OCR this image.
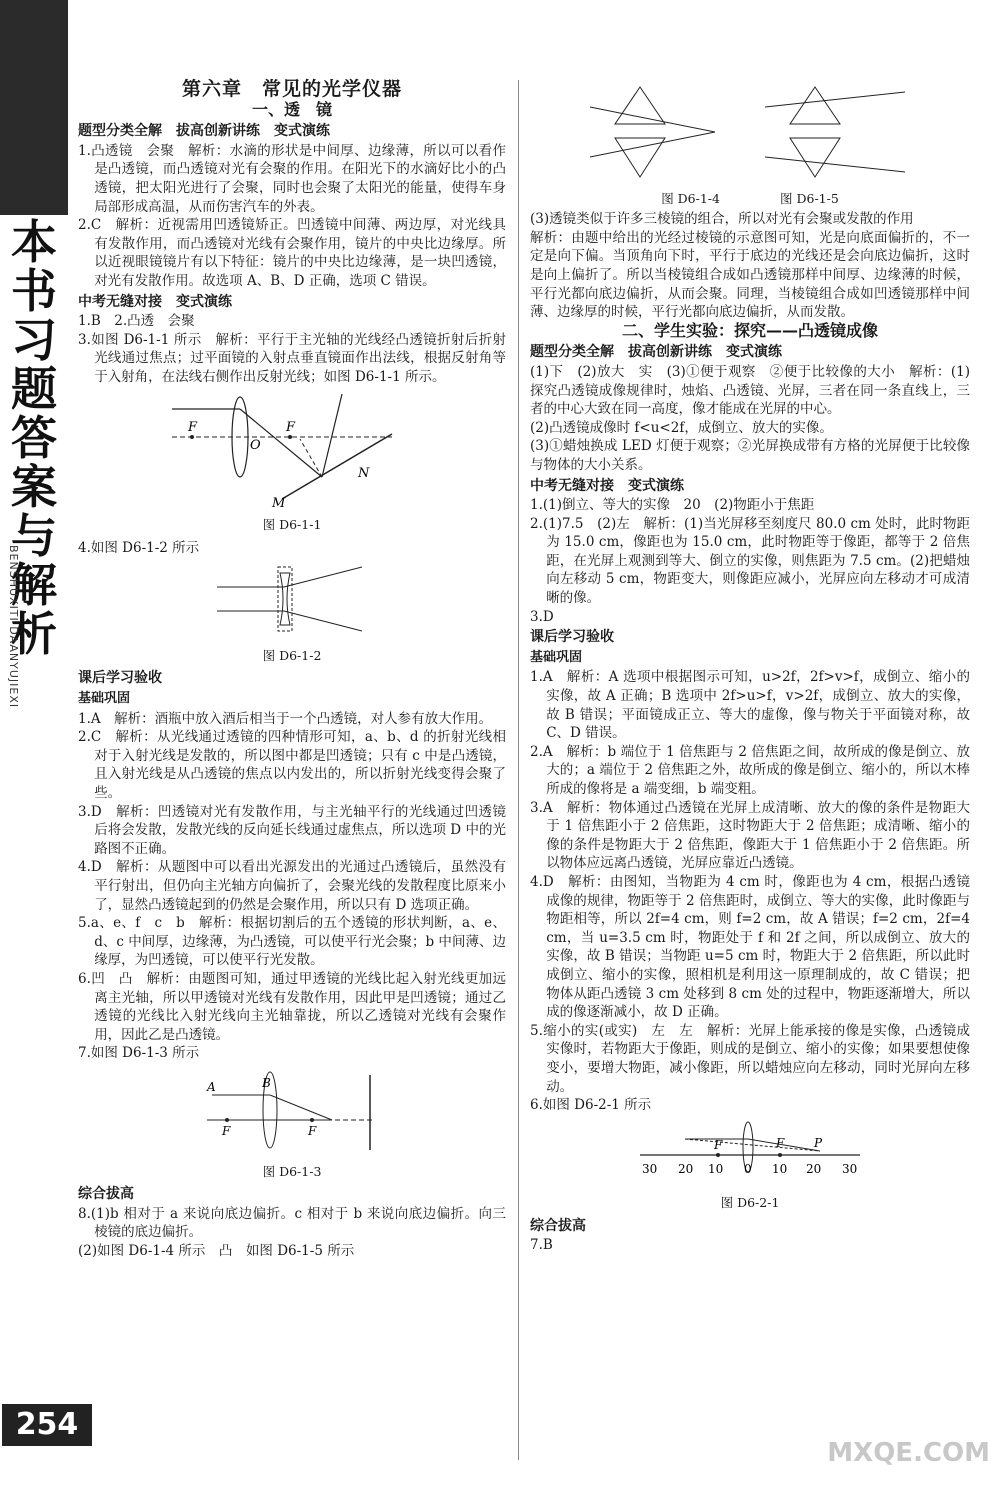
本
书
习
题
答
案
与
解
析
BENSHUXITI DAANYUJIEXI
254
第六章　常见的光学仪器
一、透　镜
题型分类全解　拔高创新讲练　变式演练

1.凸透镜　会聚　解析：水滴的形状是中间厚、边缘薄，所以可以看作是凸透镜，而凸透镜对光有会聚的作用。在阳光下的水滴好比小的凸透镜，把太阳光进行了会聚，同时也会聚了太阳光的能量，使得车身局部形成高温，从而伤害汽车的外表。

2.C　解析：近视需用凹透镜矫正。凹透镜中间薄、两边厚，对光线具有发散作用，而凸透镜对光线有会聚作用，镜片的中央比边缘厚。所以近视眼镜镜片有以下特征：镜片的中央比边缘薄，是一块凹透镜，对光有发散作用。故选项 A、B、D 正确，选项 C 错误。

中考无缝对接　变式演练

1.B　2.凸透　会聚

3.如图 D6-1-1 所示　解析：平行于主光轴的光线经凸透镜折射后折射光线通过焦点；过平面镜的入射点垂直镜面作出法线，根据反射角等于入射角，在法线右侧作出反射光线；如图 D6-1-1 所示。

F
O
F
N
M
图 D6-1-1

4.如图 D6-1-2 所示

图 D6-1-2
课后学习验收
基础巩固

1.A　解析：酒瓶中放入酒后相当于一个凸透镜，对人参有放大作用。

2.C　解析：从光线通过透镜的四种情形可知，a、b、d 的折射光线相对于入射光线是发散的，所以图中都是凹透镜；只有 c 中是凸透镜，且入射光线是从凸透镜的焦点以内发出的，所以折射光线变得会聚了些。

3.D　解析：凹透镜对光有发散作用，与主光轴平行的光线通过凹透镜后将会发散，发散光线的反向延长线通过虚焦点，所以选项 D 中的光路图不正确。

4.D　解析：从题图中可以看出光源发出的光通过凸透镜后，虽然没有平行射出，但仍向主光轴方向偏折了，会聚光线的发散程度比原来小了，显然凸透镜起到的仍然是会聚作用，所以只有 D 选项正确。

5.a、e、f　c　b　解析：根据切割后的五个透镜的形状判断，a、e、d、c 中间厚，边缘薄，为凸透镜，可以使平行光会聚；b 中间薄、边缘厚，为凹透镜，可以使平行光发散。

6.凹　凸　解析：由题图可知，通过甲透镜的光线比起入射光线更加远离主光轴，所以甲透镜对光线有发散作用，因此甲是凹透镜；通过乙透镜的光线比入射光线向主光轴靠拢，所以乙透镜对光线有会聚作用，因此乙是凸透镜。

7.如图 D6-1-3 所示

A	B
F	F
图 D6-1-3
综合拔高

8.(1)b 相对于 a 来说向底边偏折。c 相对于 b 来说向底边偏折。向三棱镜的底边偏折。

(2)如图 D6-1-4 所示　凸　如图 D6-1-5 所示

图 D6-1-4	图 D6-1-5

(3)透镜类似于许多三棱镜的组合，所以对光有会聚或发散的作用

解析：由题中给出的光经过棱镜的示意图可知，光是向底面偏折的，不一定是向下偏。当顶角向下时，平行于底边的光线还是会向底边偏折，这时是向上偏折了。所以当棱镜组合成如凸透镜那样中间厚、边缘薄的时候，平行光都向底边偏折，从而会聚。同理，当棱镜组合成如凹透镜那样中间薄、边缘厚的时候，平行光都向底边偏折，从而发散。

二、学生实验：探究——凸透镜成像
题型分类全解　拔高创新讲练　变式演练

(1)下　(2)放大　实　(3)①便于观察　②便于比较像的大小　解析：(1)探究凸透镜成像规律时，烛焰、凸透镜、光屏，三者在同一条直线上，三者的中心大致在同一高度，像才能成在光屏的中心。

(2)凸透镜成像时 f<u<2f，成倒立、放大的实像。

(3)①蜡烛换成 LED 灯便于观察；②光屏换成带有方格的光屏便于比较像与物体的大小关系。

中考无缝对接　变式演练

1.(1)倒立、等大的实像　20　(2)物距小于焦距

2.(1)7.5　(2)左　解析：(1)当光屏移至刻度尺 80.0 cm 处时，此时物距为 15.0 cm，像距也为 15.0 cm，此时物距等于像距，都等于 2 倍焦距，在光屏上观测到等大、倒立的实像，则焦距为 7.5 cm。(2)把蜡烛向左移动 5 cm，物距变大，则像距应减小，光屏应向左移动才可成清晰的像。

3.D

课后学习验收
基础巩固

1.A　解析：A 选项中根据图示可知，u>2f，2f>v>f，成倒立、缩小的实像，故 A 正确；B 选项中 2f>u>f，v>2f，成倒立、放大的实像，故 B 错误；平面镜成正立、等大的虚像，像与物关于平面镜对称，故 C、D 错误。

2.A　解析：b 端位于 1 倍焦距与 2 倍焦距之间，故所成的像是倒立、放大的；a 端位于 2 倍焦距之外，故所成的像是倒立、缩小的，所以木棒所成的像将是 a 端变细，b 端变粗。

3.A　解析：物体通过凸透镜在光屏上成清晰、放大的像的条件是物距大于 1 倍焦距小于 2 倍焦距，这时物距大于 2 倍焦距；成清晰、缩小的像的条件是物距大于 2 倍焦距，像距大于 1 倍焦距小于 2 倍焦距。所以物体应远离凸透镜，光屏应靠近凸透镜。

4.D　解析：由图知，当物距为 4 cm 时，像距也为 4 cm，根据凸透镜成像的规律，物距等于 2 倍焦距时，成倒立、等大的实像，此时像距与物距相等，所以 2f=4 cm，则 f=2 cm，故 A 错误；f=2 cm，2f=4 cm，当 u=3.5 cm 时，物距处于 f 和 2f 之间，所以成倒立、放大的实像，故 B 错误；当物距 u=5 cm 时，物距大于 2 倍焦距，所以此时成倒立、缩小的实像，照相机是利用这一原理制成的，故 C 错误；把物体从距凸透镜 3 cm 处移到 8 cm 处的过程中，物距逐渐增大，所以成的像逐渐减小，故 D 正确。

5.缩小的实(或实)　左　左　解析：光屏上能承接的像是实像，凸透镜成实像时，若物距大于像距，则成的是倒立、缩小的实像；如果要想使像变小，要增大物距，减小像距，所以蜡烛应向左移动，同时光屏向左移动。

6.如图 D6-2-1 所示

F	F P
30 20 10 0 10 20 30
图 D6-2-1
综合拔高

7.B

MXQE.COM
